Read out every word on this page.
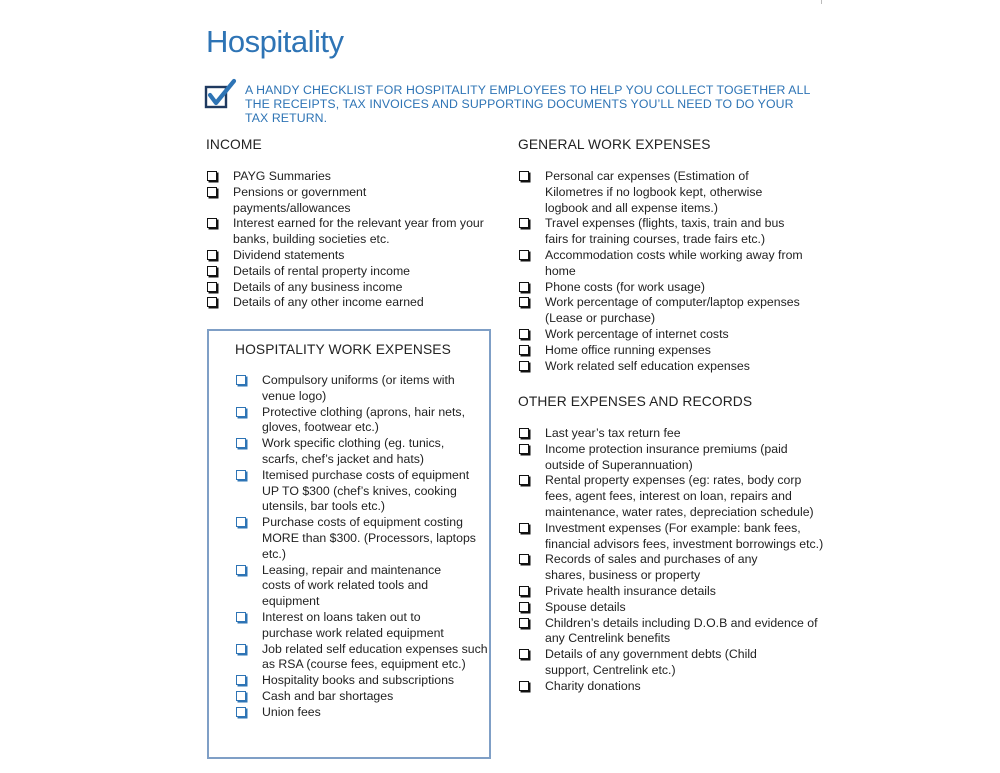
Hospitality
A HANDY CHECKLIST FOR HOSPITALITY EMPLOYEES TO HELP YOU COLLECT TOGETHER ALL THE RECEIPTS, TAX INVOICES AND SUPPORTING DOCUMENTS YOU’LL NEED TO DO YOUR TAX RETURN.
INCOME
PAYG Summaries
Pensions or government payments/allowances
Interest earned for the relevant year from your banks, building societies etc.
Dividend statements
Details of rental property income
Details of any business income
Details of any other income earned
HOSPITALITY WORK EXPENSES
Compulsory uniforms (or items with venue logo)
Protective clothing (aprons, hair nets, gloves, footwear etc.)
Work specific clothing (eg. tunics, scarfs, chef’s jacket and hats)
Itemised purchase costs of equipment UP TO $300 (chef’s knives, cooking utensils, bar tools etc.)
Purchase costs of equipment costing MORE than $300. (Processors, laptops etc.)
Leasing, repair and maintenance costs of work related tools and equipment
Interest on loans taken out to purchase work related equipment
Job related self education expenses such as RSA (course fees, equipment etc.)
Hospitality books and subscriptions
Cash and bar shortages
Union fees
GENERAL WORK EXPENSES
Personal car expenses (Estimation of Kilometres if no logbook kept, otherwise logbook and all expense items.)
Travel expenses (flights, taxis, train and bus fairs for training courses, trade fairs etc.)
Accommodation costs while working away from home
Phone costs (for work usage)
Work percentage of computer/laptop expenses (Lease or purchase)
Work percentage of internet costs
Home office running expenses
Work related self education expenses
OTHER EXPENSES AND RECORDS
Last year’s tax return fee
Income protection insurance premiums (paid outside of Superannuation)
Rental property expenses (eg: rates, body corp fees, agent fees, interest on loan, repairs and maintenance, water rates, depreciation schedule)
Investment expenses (For example: bank fees, financial advisors fees, investment borrowings etc.)
Records of sales and purchases of any shares, business or property
Private health insurance details
Spouse details
Children’s details including D.O.B and evidence of any Centrelink benefits
Details of any government debts (Child support, Centrelink etc.)
Charity donations
